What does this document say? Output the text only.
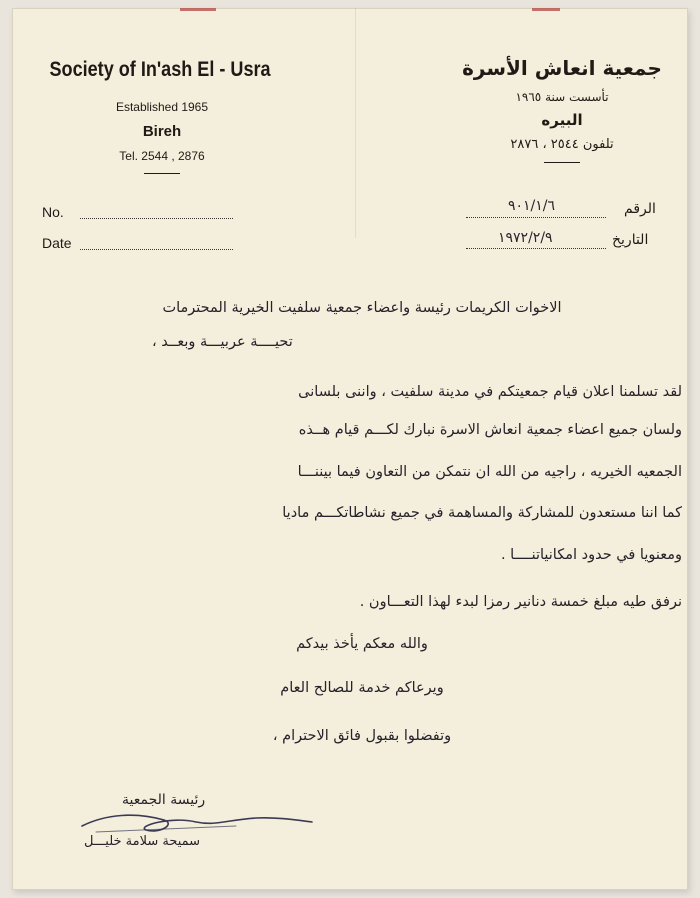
Society of In'ash El - Usra
Established 1965
Bireh
Tel. 2544 , 2876
جمعية انعاش الأسرة
تأسست سنة ١٩٦٥
البيره
تلفون ٢٥٤٤ ، ٢٨٧٦
No.
Date
الرقم
٩٠١/١/٦
التاريخ
١٩٧٢/٢/٩
الاخوات الكريمات رئيسة واعضاء جمعية سلفيت الخيرية المحترمات
تحيــــة عربيـــة وبعــد ،
لقد تسلمنا اعلان قيام جمعيتكم في مدينة سلفيت ، واننى بلسانى
ولسان جميع اعضاء جمعية انعاش الاسرة نبارك لكـــم قيام هــذه
الجمعيه الخيريه ، راجيه من الله ان نتمكن من التعاون فيما بيننـــا
كما اننا مستعدون للمشاركة والمساهمة في جميع نشاطاتكـــم ماديا
ومعنويا في حدود امكانياتنــــا .
نرفق طيه مبلغ خمسة دنانير رمزا لبدء لهذا التعـــاون .
والله معكم يأخذ بيدكم
ويرعاكم خدمة للصالح العام
وتفضلوا بقبول فائق الاحترام ،
رئيسة الجمعية
سميحة سلامة خليـــل
